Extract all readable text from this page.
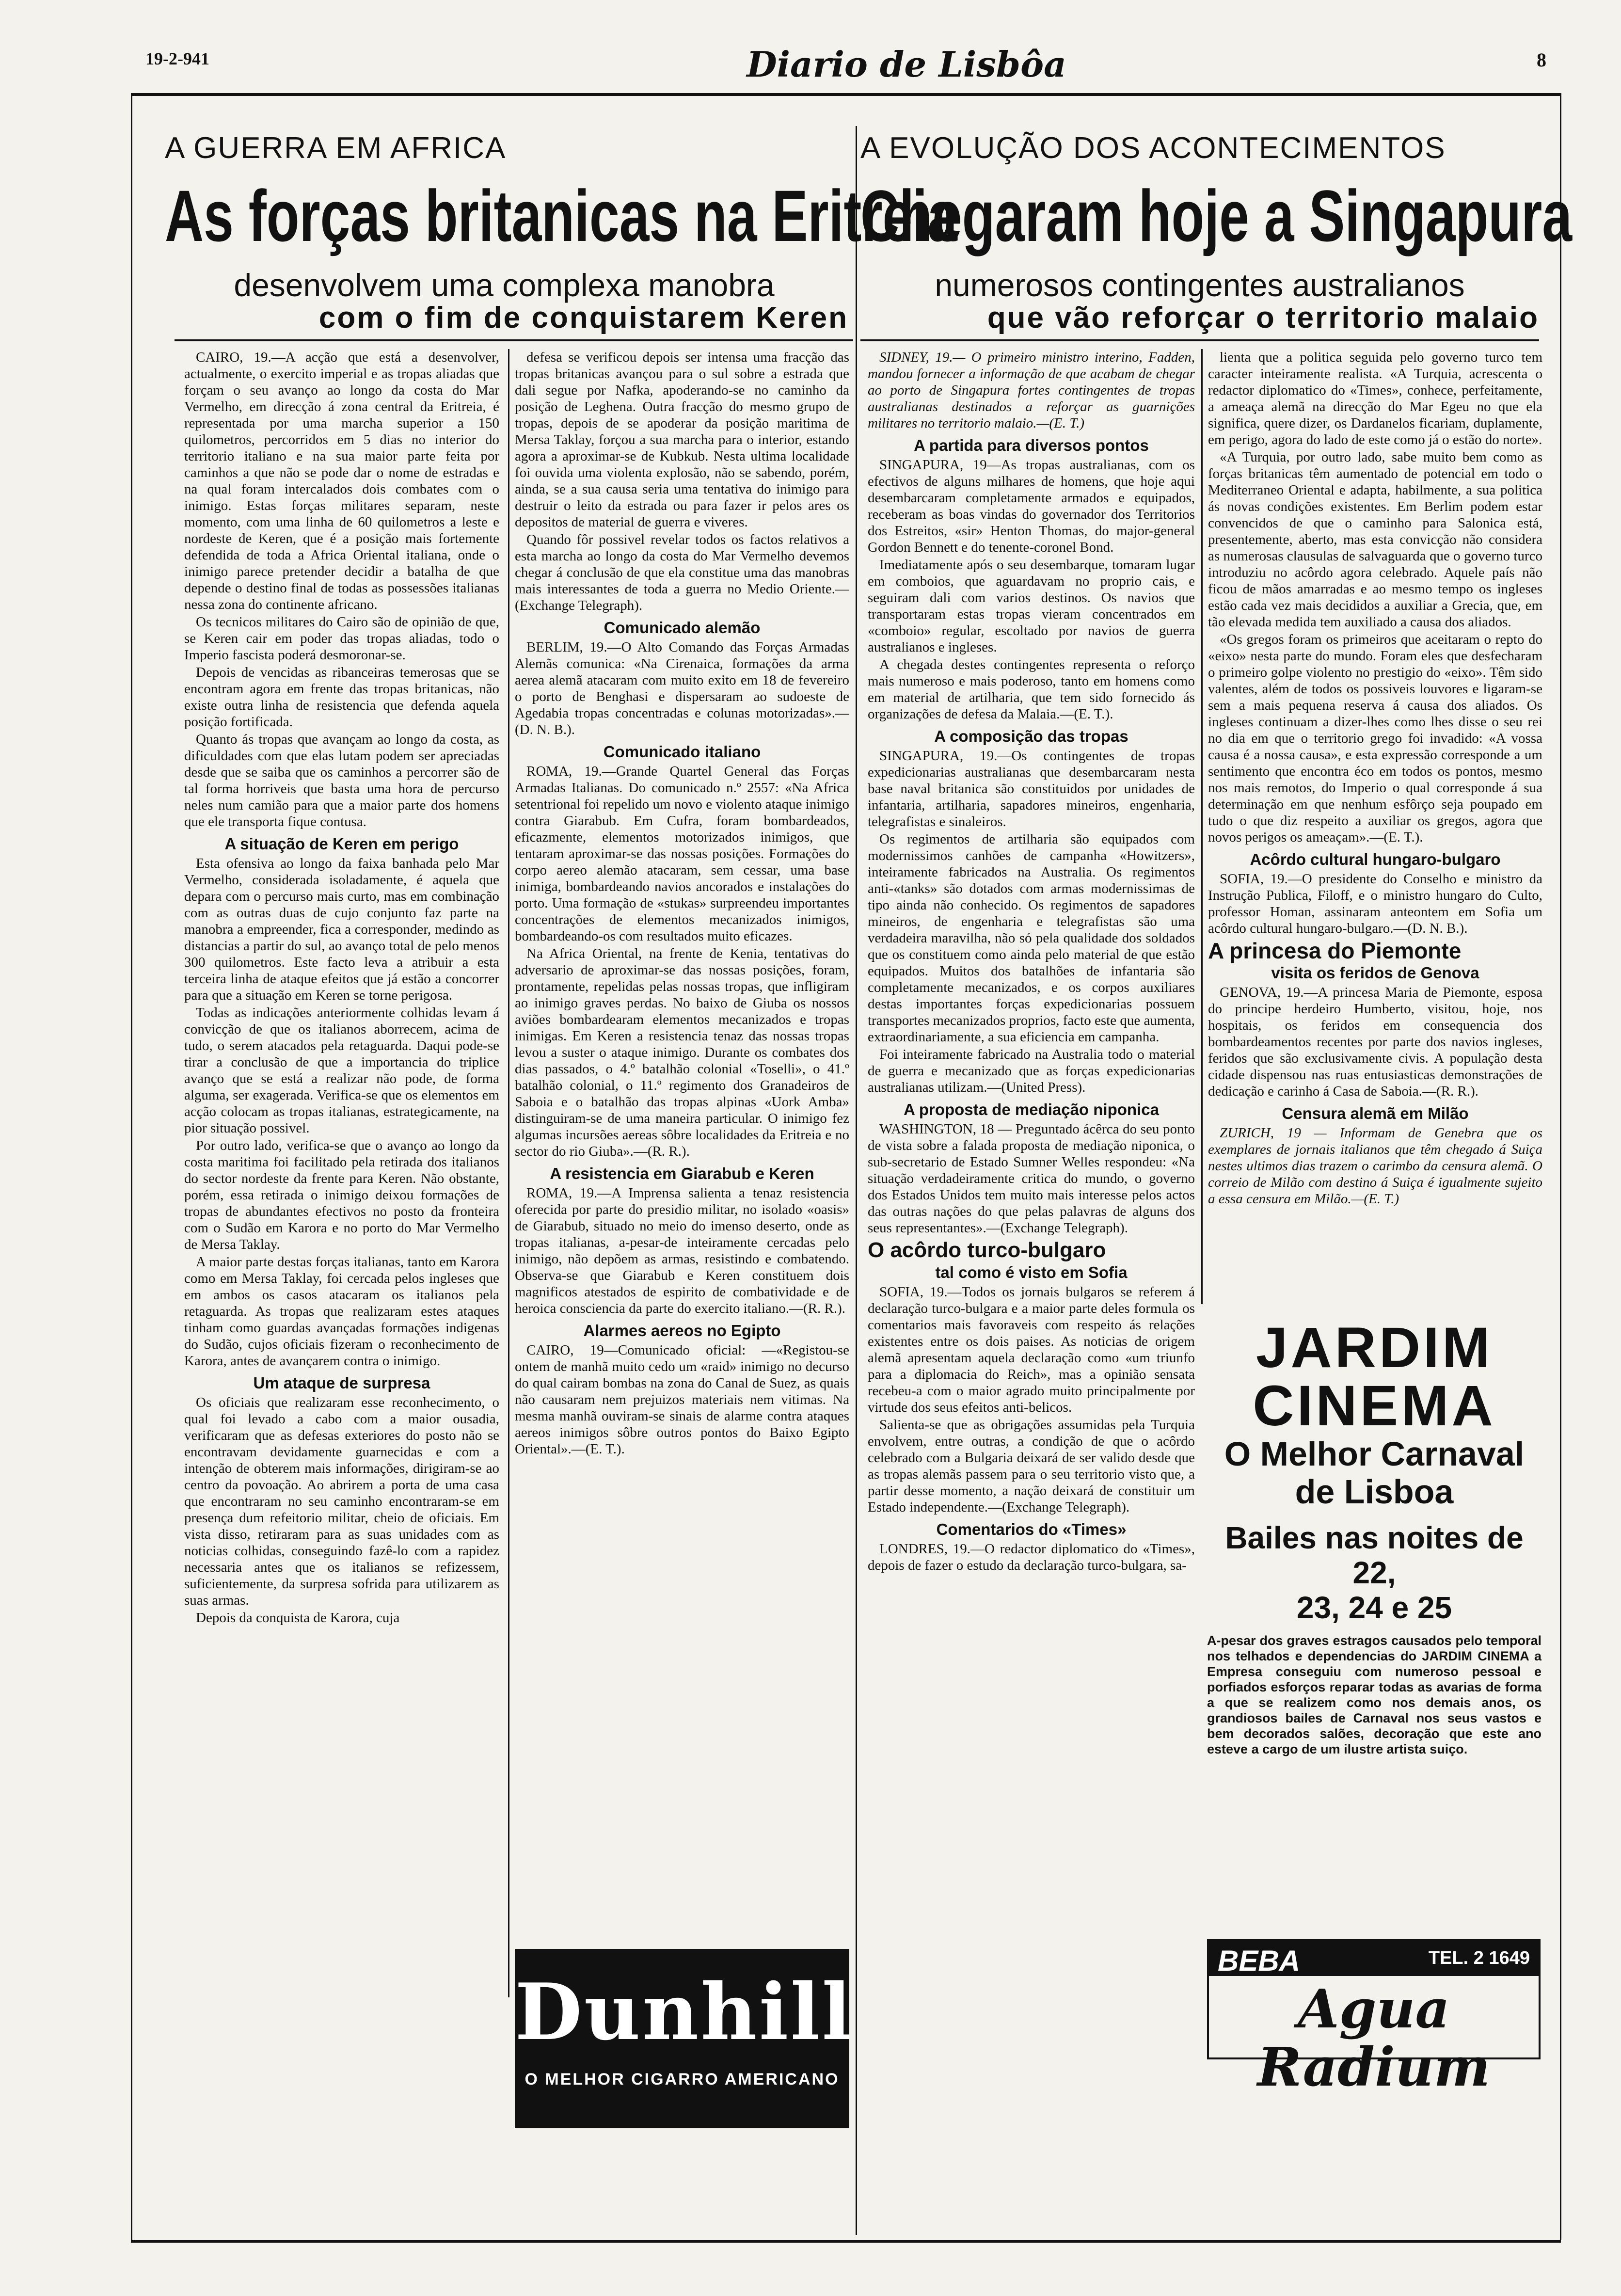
19-2-941	Diario de Lisbôa	8
A GUERRA EM AFRICA
As forças britanicas na Eritreia
desenvolvem uma complexa manobra
com o fim de conquistarem Keren

CAIRO, 19.—A acção que está a desenvolver, actualmente, o exercito imperial e as tropas aliadas que forçam o seu avanço ao longo da costa do Mar Vermelho, em direcção á zona central da Eritreia, é representada por uma marcha superior a 150 quilometros, percorridos em 5 dias no interior do territorio italiano e na sua maior parte feita por caminhos a que não se pode dar o nome de estradas e na qual foram intercalados dois combates com o inimigo. Estas forças militares separam, neste momento, com uma linha de 60 quilometros a leste e nordeste de Keren, que é a posição mais fortemente defendida de toda a Africa Oriental italiana, onde o inimigo parece pretender decidir a batalha de que depende o destino final de todas as possessões italianas nessa zona do continente africano.

Os tecnicos militares do Cairo são de opinião de que, se Keren cair em poder das tropas aliadas, todo o Imperio fascista poderá desmoronar-se.

Depois de vencidas as ribanceiras temerosas que se encontram agora em frente das tropas britanicas, não existe outra linha de resistencia que defenda aquela posição fortificada.

Quanto ás tropas que avançam ao longo da costa, as dificuldades com que elas lutam podem ser apreciadas desde que se saiba que os caminhos a percorrer são de tal forma horriveis que basta uma hora de percurso neles num camião para que a maior parte dos homens que ele transporta fique contusa.

A situação de Keren em perigo

Esta ofensiva ao longo da faixa banhada pelo Mar Vermelho, considerada isoladamente, é aquela que depara com o percurso mais curto, mas em combinação com as outras duas de cujo conjunto faz parte na manobra a empreender, fica a corresponder, medindo as distancias a partir do sul, ao avanço total de pelo menos 300 quilometros. Este facto leva a atribuir a esta terceira linha de ataque efeitos que já estão a concorrer para que a situação em Keren se torne perigosa.

Todas as indicações anteriormente colhidas levam á convicção de que os italianos aborrecem, acima de tudo, o serem atacados pela retaguarda. Daqui pode-se tirar a conclusão de que a importancia do triplice avanço que se está a realizar não pode, de forma alguma, ser exagerada. Verifica-se que os elementos em acção colocam as tropas italianas, estrategicamente, na pior situação possivel.

Por outro lado, verifica-se que o avanço ao longo da costa maritima foi facilitado pela retirada dos italianos do sector nordeste da frente para Keren. Não obstante, porém, essa retirada o inimigo deixou formações de tropas de abundantes efectivos no posto da fronteira com o Sudão em Karora e no porto do Mar Vermelho de Mersa Taklay.

A maior parte destas forças italianas, tanto em Karora como em Mersa Taklay, foi cercada pelos ingleses que em ambos os casos atacaram os italianos pela retaguarda. As tropas que realizaram estes ataques tinham como guardas avançadas formações indigenas do Sudão, cujos oficiais fizeram o reconhecimento de Karora, antes de avançarem contra o inimigo.

Um ataque de surpresa

Os oficiais que realizaram esse reconhecimento, o qual foi levado a cabo com a maior ousadia, verificaram que as defesas exteriores do posto não se encontravam devidamente guarnecidas e com a intenção de obterem mais informações, dirigiram-se ao centro da povoação. Ao abrirem a porta de uma casa que encontraram no seu caminho encontraram-se em presença dum refeitorio militar, cheio de oficiais. Em vista disso, retiraram para as suas unidades com as noticias colhidas, conseguindo fazê-lo com a rapidez necessaria antes que os italianos se refizessem, suficientemente, da surpresa sofrida para utilizarem as suas armas.

Depois da conquista de Karora, cuja

defesa se verificou depois ser intensa uma fracção das tropas britanicas avançou para o sul sobre a estrada que dali segue por Nafka, apoderando-se no caminho da posição de Leghena. Outra fracção do mesmo grupo de tropas, depois de se apoderar da posição maritima de Mersa Taklay, forçou a sua marcha para o interior, estando agora a aproximar-se de Kubkub. Nesta ultima localidade foi ouvida uma violenta explosão, não se sabendo, porém, ainda, se a sua causa seria uma tentativa do inimigo para destruir o leito da estrada ou para fazer ir pelos ares os depositos de material de guerra e viveres.

Quando fôr possivel revelar todos os factos relativos a esta marcha ao longo da costa do Mar Vermelho devemos chegar á conclusão de que ela constitue uma das manobras mais interessantes de toda a guerra no Medio Oriente.—(Exchange Telegraph).

Comunicado alemão

BERLIM, 19.—O Alto Comando das Forças Armadas Alemãs comunica: «Na Cirenaica, formações da arma aerea alemã atacaram com muito exito em 18 de fevereiro o porto de Benghasi e dispersaram ao sudoeste de Agedabia tropas concentradas e colunas motorizadas».—(D. N. B.).

Comunicado italiano

ROMA, 19.—Grande Quartel General das Forças Armadas Italianas. Do comunicado n.º 2557: «Na Africa setentrional foi repelido um novo e violento ataque inimigo contra Giarabub. Em Cufra, foram bombardeados, eficazmente, elementos motorizados inimigos, que tentaram aproximar-se das nossas posições. Formações do corpo aereo alemão atacaram, sem cessar, uma base inimiga, bombardeando navios ancorados e instalações do porto. Uma formação de «stukas» surpreendeu importantes concentrações de elementos mecanizados inimigos, bombardeando-os com resultados muito eficazes.

Na Africa Oriental, na frente de Kenia, tentativas do adversario de aproximar-se das nossas posições, foram, prontamente, repelidas pelas nossas tropas, que infligiram ao inimigo graves perdas. No baixo de Giuba os nossos aviões bombardearam elementos mecanizados e tropas inimigas. Em Keren a resistencia tenaz das nossas tropas levou a suster o ataque inimigo. Durante os combates dos dias passados, o 4.º batalhão colonial «Toselli», o 41.º batalhão colonial, o 11.º regimento dos Granadeiros de Saboia e o batalhão das tropas alpinas «Uork Amba» distinguiram-se de uma maneira particular. O inimigo fez algumas incursões aereas sôbre localidades da Eritreia e no sector do rio Giuba».—(R. R.).

A resistencia em Giarabub e Keren

ROMA, 19.—A Imprensa salienta a tenaz resistencia oferecida por parte do presidio militar, no isolado «oasis» de Giarabub, situado no meio do imenso deserto, onde as tropas italianas, a-pesar-de inteiramente cercadas pelo inimigo, não depõem as armas, resistindo e combatendo. Observa-se que Giarabub e Keren constituem dois magnificos atestados de espirito de combatividade e de heroica consciencia da parte do exercito italiano.—(R. R.).

Alarmes aereos no Egipto

CAIRO, 19—Comunicado oficial: —«Registou-se ontem de manhã muito cedo um «raid» inimigo no decurso do qual cairam bombas na zona do Canal de Suez, as quais não causaram nem prejuizos materiais nem vitimas. Na mesma manhã ouviram-se sinais de alarme contra ataques aereos inimigos sôbre outros pontos do Baixo Egipto Oriental».—(E. T.).

Dunhill
O MELHOR CIGARRO AMERICANO
A EVOLUÇÃO DOS ACONTECIMENTOS
Chegaram hoje a Singapura
numerosos contingentes australianos
que vão reforçar o territorio malaio

SIDNEY, 19.— O primeiro ministro interino, Fadden, mandou fornecer a informação de que acabam de chegar ao porto de Singapura fortes contingentes de tropas australianas destinados a reforçar as guarnições militares no territorio malaio.—(E. T.)

A partida para diversos pontos

SINGAPURA, 19—As tropas australianas, com os efectivos de alguns milhares de homens, que hoje aqui desembarcaram completamente armados e equipados, receberam as boas vindas do governador dos Territorios dos Estreitos, «sir» Henton Thomas, do major-general Gordon Bennett e do tenente-coronel Bond.

Imediatamente após o seu desembarque, tomaram lugar em comboios, que aguardavam no proprio cais, e seguiram dali com varios destinos. Os navios que transportaram estas tropas vieram concentrados em «comboio» regular, escoltado por navios de guerra australianos e ingleses.

A chegada destes contingentes representa o reforço mais numeroso e mais poderoso, tanto em homens como em material de artilharia, que tem sido fornecido ás organizações de defesa da Malaia.—(E. T.).

A composição das tropas

SINGAPURA, 19.—Os contingentes de tropas expedicionarias australianas que desembarcaram nesta base naval britanica são constituidos por unidades de infantaria, artilharia, sapadores mineiros, engenharia, telegrafistas e sinaleiros.

Os regimentos de artilharia são equipados com modernissimos canhões de campanha «Howitzers», inteiramente fabricados na Australia. Os regimentos anti-«tanks» são dotados com armas modernissimas de tipo ainda não conhecido. Os regimentos de sapadores mineiros, de engenharia e telegrafistas são uma verdadeira maravilha, não só pela qualidade dos soldados que os constituem como ainda pelo material de que estão equipados. Muitos dos batalhões de infantaria são completamente mecanizados, e os corpos auxiliares destas importantes forças expedicionarias possuem transportes mecanizados proprios, facto este que aumenta, extraordinariamente, a sua eficiencia em campanha.

Foi inteiramente fabricado na Australia todo o material de guerra e mecanizado que as forças expedicionarias australianas utilizam.—(United Press).

A proposta de mediação niponica

WASHINGTON, 18 — Preguntado ácêrca do seu ponto de vista sobre a falada proposta de mediação niponica, o sub-secretario de Estado Sumner Welles respondeu: «Na situação verdadeiramente critica do mundo, o governo dos Estados Unidos tem muito mais interesse pelos actos das outras nações do que pelas palavras de alguns dos seus representantes».—(Exchange Telegraph).

O acôrdo turco-bulgaro
tal como é visto em Sofia

SOFIA, 19.—Todos os jornais bulgaros se referem á declaração turco-bulgara e a maior parte deles formula os comentarios mais favoraveis com respeito ás relações existentes entre os dois paises. As noticias de origem alemã apresentam aquela declaração como «um triunfo para a diplomacia do Reich», mas a opinião sensata recebeu-a com o maior agrado muito principalmente por virtude dos seus efeitos anti-belicos.

Salienta-se que as obrigações assumidas pela Turquia envolvem, entre outras, a condição de que o acôrdo celebrado com a Bulgaria deixará de ser valido desde que as tropas alemãs passem para o seu territorio visto que, a partir desse momento, a nação deixará de constituir um Estado independente.—(Exchange Telegraph).

Comentarios do «Times»

LONDRES, 19.—O redactor diplomatico do «Times», depois de fazer o estudo da declaração turco-bulgara, sa-

lienta que a politica seguida pelo governo turco tem caracter inteiramente realista. «A Turquia, acrescenta o redactor diplomatico do «Times», conhece, perfeitamente, a ameaça alemã na direcção do Mar Egeu no que ela significa, quere dizer, os Dardanelos ficariam, duplamente, em perigo, agora do lado de este como já o estão do norte».

«A Turquia, por outro lado, sabe muito bem como as forças britanicas têm aumentado de potencial em todo o Mediterraneo Oriental e adapta, habilmente, a sua politica ás novas condições existentes. Em Berlim podem estar convencidos de que o caminho para Salonica está, presentemente, aberto, mas esta convicção não considera as numerosas clausulas de salvaguarda que o governo turco introduziu no acôrdo agora celebrado. Aquele país não ficou de mãos amarradas e ao mesmo tempo os ingleses estão cada vez mais decididos a auxiliar a Grecia, que, em tão elevada medida tem auxiliado a causa dos aliados.

«Os gregos foram os primeiros que aceitaram o repto do «eixo» nesta parte do mundo. Foram eles que desfecharam o primeiro golpe violento no prestigio do «eixo». Têm sido valentes, além de todos os possiveis louvores e ligaram-se sem a mais pequena reserva á causa dos aliados. Os ingleses continuam a dizer-lhes como lhes disse o seu rei no dia em que o territorio grego foi invadido: «A vossa causa é a nossa causa», e esta expressão corresponde a um sentimento que encontra éco em todos os pontos, mesmo nos mais remotos, do Imperio o qual corresponde á sua determinação em que nenhum esfôrço seja poupado em tudo o que diz respeito a auxiliar os gregos, agora que novos perigos os ameaçam».—(E. T.).

Acôrdo cultural hungaro-bulgaro

SOFIA, 19.—O presidente do Conselho e ministro da Instrução Publica, Filoff, e o ministro hungaro do Culto, professor Homan, assinaram anteontem em Sofia um acôrdo cultural hungaro-bulgaro.—(D. N. B.).

A princesa do Piemonte
visita os feridos de Genova

GENOVA, 19.—A princesa Maria de Piemonte, esposa do principe herdeiro Humberto, visitou, hoje, nos hospitais, os feridos em consequencia dos bombardeamentos recentes por parte dos navios ingleses, feridos que são exclusivamente civis. A população desta cidade dispensou nas ruas entusiasticas demonstrações de dedicação e carinho á Casa de Saboia.—(R. R.).

Censura alemã em Milão

ZURICH, 19 — Informam de Genebra que os exemplares de jornais italianos que têm chegado á Suiça nestes ultimos dias trazem o carimbo da censura alemã. O correio de Milão com destino á Suiça é igualmente sujeito a essa censura em Milão.—(E. T.)

JARDIM CINEMA
O Melhor Carnaval
de Lisboa
Bailes nas noites de 22,
23, 24 e 25
A-pesar dos graves estragos causados pelo temporal nos telhados e dependencias do JARDIM CINEMA a Empresa conseguiu com numeroso pessoal e porfiados esforços reparar todas as avarias de forma a que se realizem como nos demais anos, os grandiosos bailes de Carnaval nos seus vastos e bem decorados salões, decoração que este ano esteve a cargo de um ilustre artista suiço.
BEBA	TEL. 2 1649
Agua Radium
